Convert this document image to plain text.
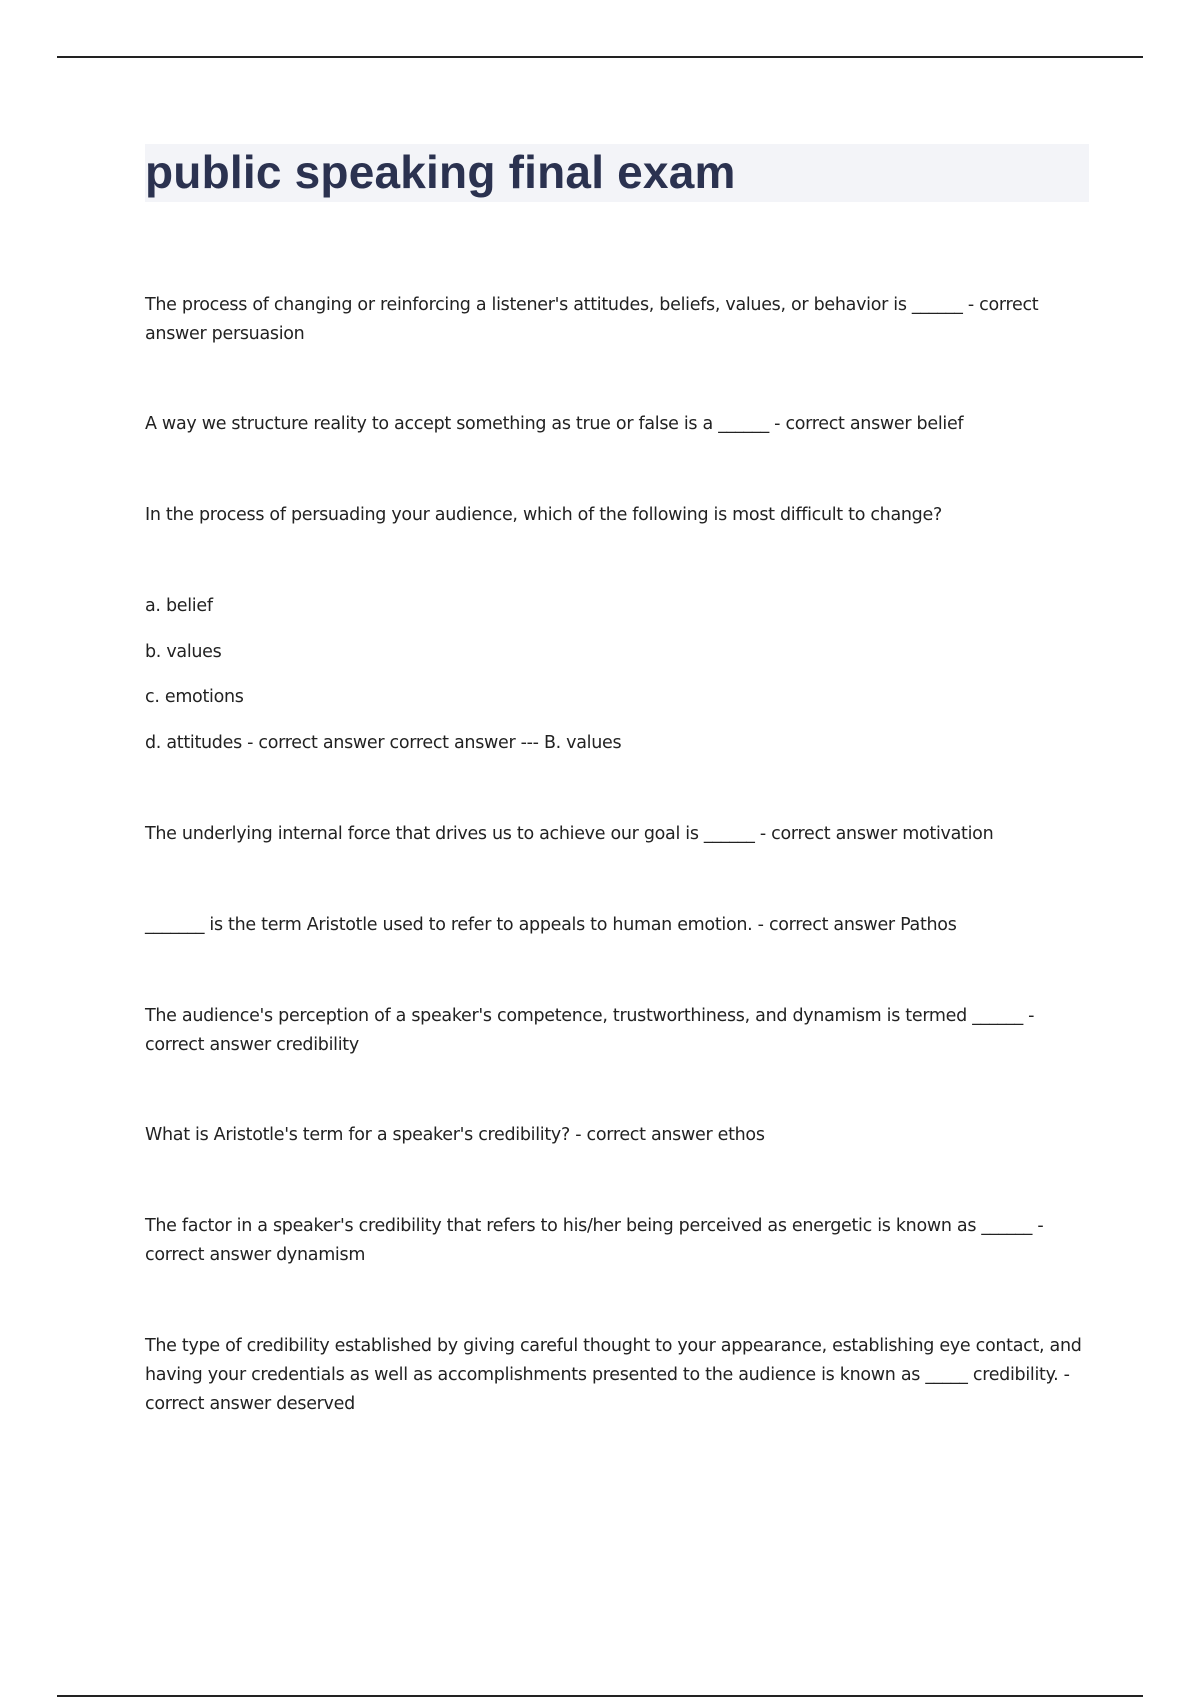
public speaking final exam
The process of changing or reinforcing a listener's attitudes, beliefs, values, or behavior is ______ - correct answer persuasion
A way we structure reality to accept something as true or false is a ______ - correct answer belief
In the process of persuading your audience, which of the following is most difficult to change?
a. belief
b. values
c. emotions
d. attitudes - correct answer correct answer --- B. values
The underlying internal force that drives us to achieve our goal is ______ - correct answer motivation
_______ is the term Aristotle used to refer to appeals to human emotion. - correct answer Pathos
The audience's perception of a speaker's competence, trustworthiness, and dynamism is termed ______ - correct answer credibility
What is Aristotle's term for a speaker's credibility? - correct answer ethos
The factor in a speaker's credibility that refers to his/her being perceived as energetic is known as ______ - correct answer dynamism
The type of credibility established by giving careful thought to your appearance, establishing eye contact, and having your credentials as well as accomplishments presented to the audience is known as _____ credibility. - correct answer deserved
